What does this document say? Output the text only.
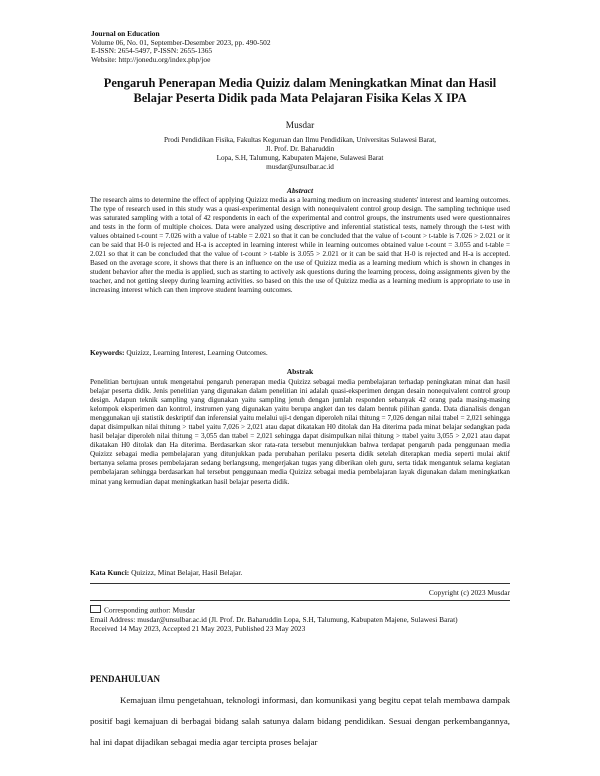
Journal on Education
Volume 06, No. 01, September-Desember 2023, pp. 490-502
E-ISSN: 2654-5497, P-ISSN: 2655-1365
Website: http://jonedu.org/index.php/joe
Pengaruh Penerapan Media Quiziz dalam Meningkatkan Minat dan Hasil Belajar Peserta Didik pada Mata Pelajaran Fisika Kelas X IPA
Musdar
Prodi Pendidikan Fisika, Fakultas Keguruan dan Ilmu Pendidikan, Universitas Sulawesi Barat, Jl. Prof. Dr. Baharuddin
Lopa, S.H, Talumung, Kabupaten Majene, Sulawesi Barat
musdar@unsulbar.ac.id
Abstract
The research aims to determine the effect of applying Quizizz media as a learning medium on increasing students' interest and learning outcomes. The type of research used in this study was a quasi-experimental design with nonequivalent control group design. The sampling technique used was saturated sampling with a total of 42 respondents in each of the experimental and control groups, the instruments used were questionnaires and tests in the form of multiple choices. Data were analyzed using descriptive and inferential statistical tests, namely through the t-test with values obtained t-count = 7.026 with a value of t-table = 2.021 so that it can be concluded that the value of t-count > t-table is 7.026 > 2.021 or it can be said that H-0 is rejected and H-a is accepted in learning interest while in learning outcomes obtained value t-count = 3.055 and t-table = 2.021 so that it can be concluded that the value of t-count > t-table is 3.055 > 2.021 or it can be said that H-0 is rejected and H-a is accepted. Based on the average score, it shows that there is an influence on the use of Quizizz media as a learning medium which is shown in changes in student behavior after the media is applied, such as starting to actively ask questions during the learning process, doing assignments given by the teacher, and not getting sleepy during learning activities. so based on this the use of Quizizz media as a learning medium is appropriate to use in increasing interest which can then improve student learning outcomes.
Keywords: Quizizz, Learning Interest, Learning Outcomes.
Abstrak
Penelitian bertujuan untuk mengetahui pengaruh penerapan media Quizizz sebagai media pembelajaran terhadap peningkatan minat dan hasil belajar peserta didik. Jenis penelitian yang digunakan dalam penelitian ini adalah quasi-eksperimen dengan desain nonequivalent control group design. Adapun teknik sampling yang digunakan yaitu sampling jenuh dengan jumlah responden sebanyak 42 orang pada masing-masing kelompok eksperimen dan kontrol, instrumen yang digunakan yaitu berupa angket dan tes dalam bentuk pilihan ganda. Data dianalisis dengan menggunakan uji statistik deskriptif dan inferensial yaitu melalui uji-t dengan diperoleh nilai thitung = 7,026 dengan nilai ttabel = 2,021 sehingga dapat disimpulkan nilai thitung > ttabel yaitu 7,026 > 2,021 atau dapat dikatakan H0 ditolak dan Ha diterima pada minat belajar sedangkan pada hasil belajar diperoleh nilai thitung = 3,055 dan ttabel = 2,021 sehingga dapat disimpulkan nilai thitung > ttabel yaitu 3,055 > 2,021 atau dapat dikatakan H0 ditolak dan Ha diterima. Berdasarkan skor rata-rata tersebut menunjukkan bahwa terdapat pengaruh pada penggunaan media Quizizz sebagai media pembelajaran yang ditunjukkan pada perubahan perilaku peserta didik setelah diterapkan media seperti mulai aktif bertanya selama proses pembelajaran sedang berlangsung, mengerjakan tugas yang diberikan oleh guru, serta tidak mengantuk selama kegiatan pembelajaran sehingga berdasarkan hal tersebut penggunaan media Quizizz sebagai media pembelajaran layak digunakan dalam meningkatkan minat yang kemudian dapat meningkatkan hasil belajar peserta didik.
Kata Kunci: Quizizz, Minat Belajar, Hasil Belajar.
Copyright (c) 2023 Musdar
Corresponding author: Musdar
Email Address: musdar@unsulbar.ac.id (Jl. Prof. Dr. Baharuddin Lopa, S.H, Talumung, Kabupaten Majene, Sulawesi Barat)
Received 14 May 2023, Accepted 21 May 2023, Published 23 May 2023
PENDAHULUAN
Kemajuan ilmu pengetahuan, teknologi informasi, dan komunikasi yang begitu cepat telah membawa dampak positif bagi kemajuan di berbagai bidang salah satunya dalam bidang pendidikan. Sesuai dengan perkembangannya, hal ini dapat dijadikan sebagai media agar tercipta proses belajar
